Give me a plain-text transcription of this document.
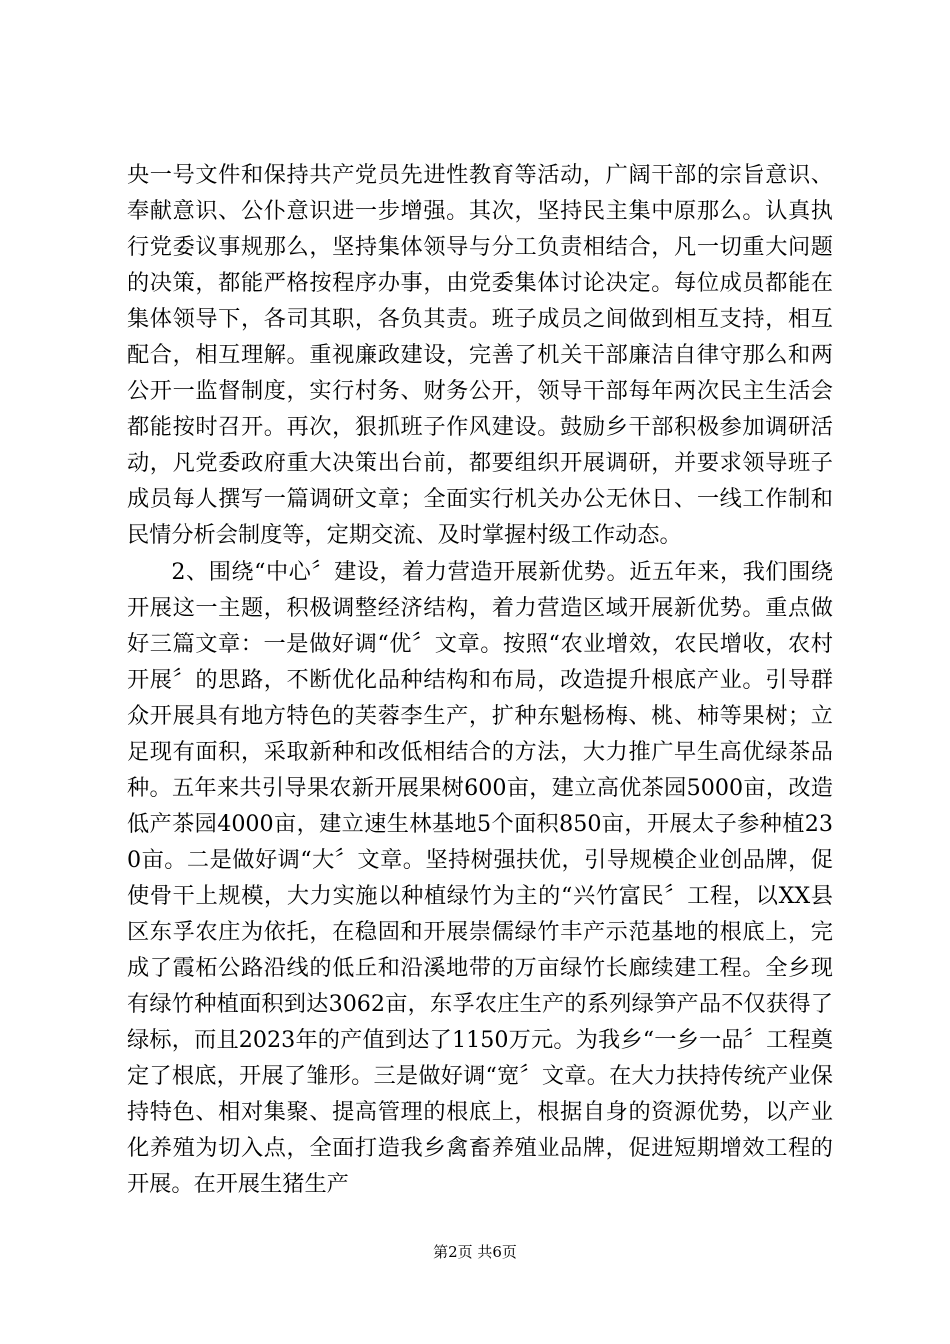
央一号文件和保持共产党员先进性教育等活动，广阔干部的宗旨意识、奉献意识、公仆意识进一步增强。其次，坚持民主集中原那么。认真执行党委议事规那么，坚持集体领导与分工负责相结合，凡一切重大问题的决策，都能严格按程序办事，由党委集体讨论决定。每位成员都能在集体领导下，各司其职，各负其责。班子成员之间做到相互支持，相互配合，相互理解。重视廉政建设，完善了机关干部廉洁自律守那么和两公开一监督制度，实行村务、财务公开，领导干部每年两次民主生活会都能按时召开。再次，狠抓班子作风建设。鼓励乡干部积极参加调研活动，凡党委政府重大决策出台前，都要组织开展调研，并要求领导班子成员每人撰写一篇调研文章；全面实行机关办公无休日、一线工作制和民情分析会制度等，定期交流、及时掌握村级工作动态。

2、围绕“中心〞建设，着力营造开展新优势。近五年来，我们围绕开展这一主题，积极调整经济结构，着力营造区域开展新优势。重点做好三篇文章：一是做好调“优〞文章。按照“农业增效，农民增收，农村开展〞的思路，不断优化品种结构和布局，改造提升根底产业。引导群众开展具有地方特色的芙蓉李生产，扩种东魁杨梅、桃、柿等果树；立足现有面积，采取新种和改低相结合的方法，大力推广早生高优绿茶品种。五年来共引导果农新开展果树600亩，建立高优茶园5000亩，改造低产茶园4000亩，建立速生林基地5个面积850亩，开展太子参种植230亩。二是做好调“大〞文章。坚持树强扶优，引导规模企业创品牌，促使骨干上规模，大力实施以种植绿竹为主的“兴竹富民〞工程，以XX县区东孚农庄为依托，在稳固和开展崇儒绿竹丰产示范基地的根底上，完成了霞柘公路沿线的低丘和沿溪地带的万亩绿竹长廊续建工程。全乡现有绿竹种植面积到达3062亩，东孚农庄生产的系列绿笋产品不仅获得了绿标，而且2023年的产值到达了1150万元。为我乡“一乡一品〞工程奠定了根底，开展了雏形。三是做好调“宽〞文章。在大力扶持传统产业保持特色、相对集聚、提高管理的根底上，根据自身的资源优势，以产业化养殖为切入点，全面打造我乡禽畜养殖业品牌，促进短期增效工程的开展。在开展生猪生产

第2页 共6页
